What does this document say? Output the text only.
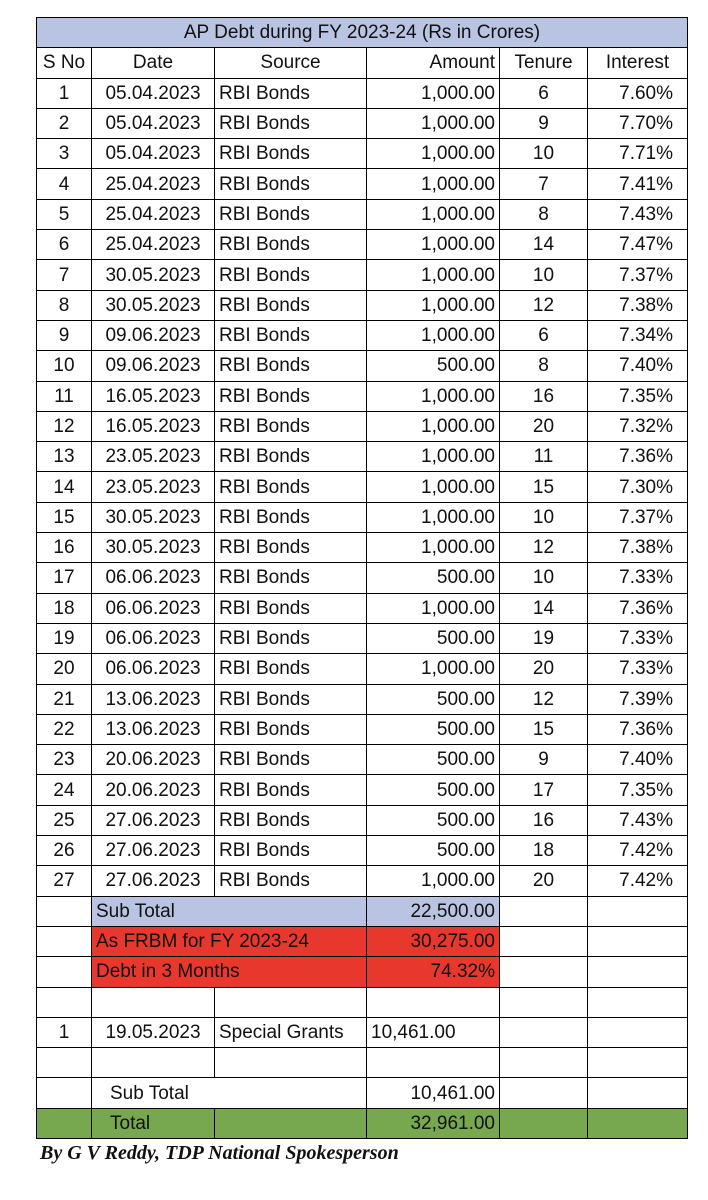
AP Debt during FY 2023-24 (Rs in Crores)					
S No	Date	Source	Amount	Tenure	Interest
1	05.04.2023	RBI Bonds	1,000.00	6	7.60%
2	05.04.2023	RBI Bonds	1,000.00	9	7.70%
3	05.04.2023	RBI Bonds	1,000.00	10	7.71%
4	25.04.2023	RBI Bonds	1,000.00	7	7.41%
5	25.04.2023	RBI Bonds	1,000.00	8	7.43%
6	25.04.2023	RBI Bonds	1,000.00	14	7.47%
7	30.05.2023	RBI Bonds	1,000.00	10	7.37%
8	30.05.2023	RBI Bonds	1,000.00	12	7.38%
9	09.06.2023	RBI Bonds	1,000.00	6	7.34%
10	09.06.2023	RBI Bonds	500.00	8	7.40%
11	16.05.2023	RBI Bonds	1,000.00	16	7.35%
12	16.05.2023	RBI Bonds	1,000.00	20	7.32%
13	23.05.2023	RBI Bonds	1,000.00	11	7.36%
14	23.05.2023	RBI Bonds	1,000.00	15	7.30%
15	30.05.2023	RBI Bonds	1,000.00	10	7.37%
16	30.05.2023	RBI Bonds	1,000.00	12	7.38%
17	06.06.2023	RBI Bonds	500.00	10	7.33%
18	06.06.2023	RBI Bonds	1,000.00	14	7.36%
19	06.06.2023	RBI Bonds	500.00	19	7.33%
20	06.06.2023	RBI Bonds	1,000.00	20	7.33%
21	13.06.2023	RBI Bonds	500.00	12	7.39%
22	13.06.2023	RBI Bonds	500.00	15	7.36%
23	20.06.2023	RBI Bonds	500.00	9	7.40%
24	20.06.2023	RBI Bonds	500.00	17	7.35%
25	27.06.2023	RBI Bonds	500.00	16	7.43%
26	27.06.2023	RBI Bonds	500.00	18	7.42%
27	27.06.2023	RBI Bonds	1,000.00	20	7.42%
	Sub Total		22,500.00		
	As FRBM for FY 2023-24		30,275.00		
	Debt in 3 Months		74.32%		

1	19.05.2023	Special Grants	10,461.00		

	Sub Total		10,461.00		
	Total		32,961.00		
By G V Reddy, TDP National Spokesperson
